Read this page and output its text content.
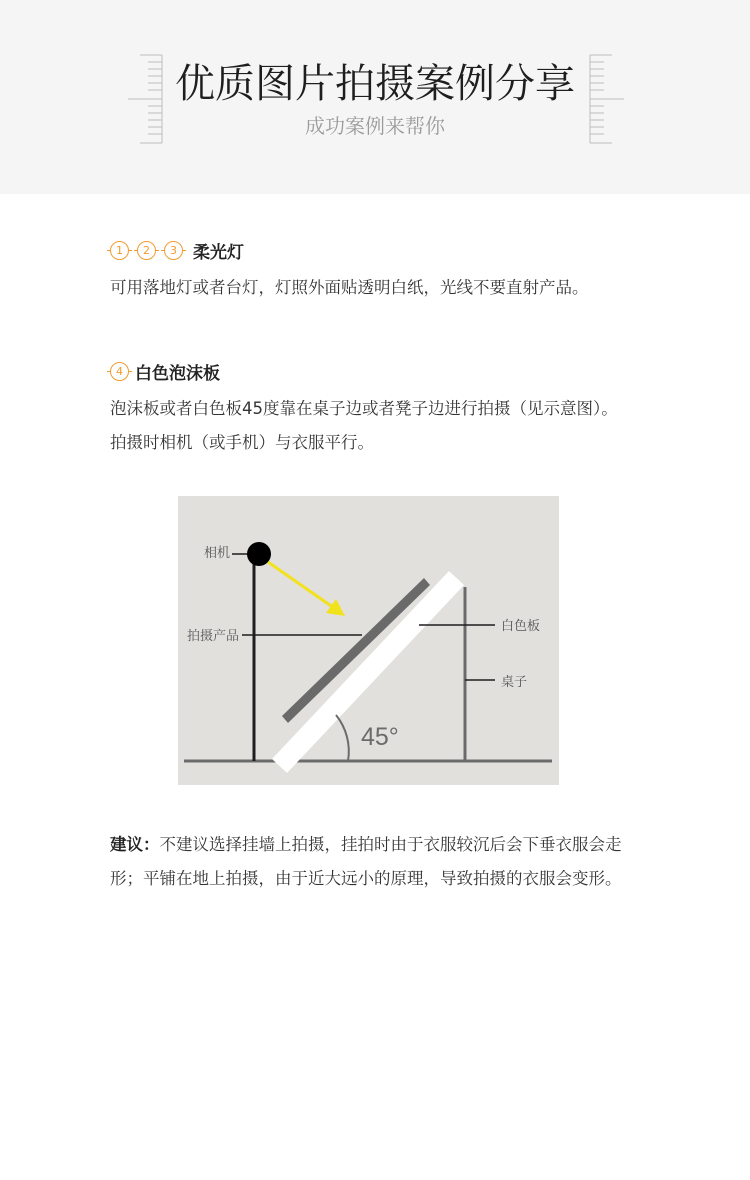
优质图片拍摄案例分享
成功案例来帮你
1	2	3 柔光灯
可用落地灯或者台灯，灯照外面贴透明白纸，光线不要直射产品。
4 白色泡沫板
泡沫板或者白色板45度靠在桌子边或者凳子边进行拍摄（见示意图）。
拍摄时相机（或手机）与衣服平行。
相机
拍摄产品
白色板
桌子
45°
建议：不建议选择挂墙上拍摄，挂拍时由于衣服较沉后会下垂衣服会走形；平铺在地上拍摄，由于近大远小的原理，导致拍摄的衣服会变形。
